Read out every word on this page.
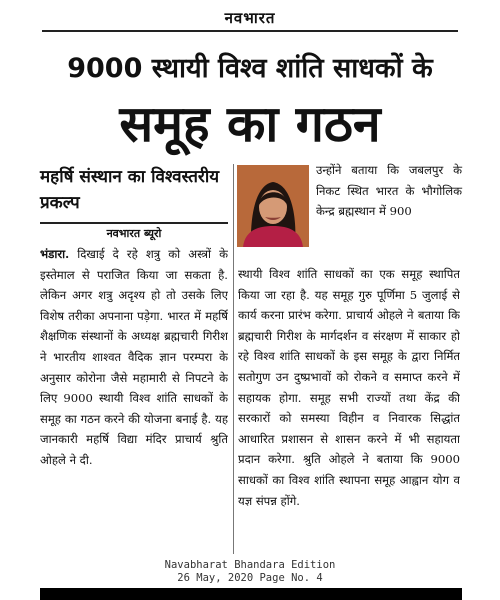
नवभारत
9000 स्थायी विश्व शांति साधकों के
समूह का गठन
महर्षि संस्थान का विश्वस्तरीय प्रकल्प
नवभारत ब्यूरो

भंडारा. दिखाई दे रहे शत्रु को अस्त्रों के इस्तेमाल से पराजित किया जा सकता है. लेकिन अगर शत्रु अदृश्य हो तो उसके लिए विशेष तरीका अपनाना पड़ेगा. भारत में महर्षि शैक्षणिक संस्थानों के अध्यक्ष ब्रह्मचारी गिरीश ने भारतीय शाश्वत वैदिक ज्ञान परम्परा के अनुसार कोरोना जैसे महामारी से निपटने के लिए 9000 स्थायी विश्व शांति साधकों के समूह का गठन करने की योजना बनाई है. यह जानकारी महर्षि विद्या मंदिर प्राचार्य श्रुति ओहले ने दी.

उन्होंने बताया कि जबलपुर के निकट स्थित भारत के भौगोलिक केन्द्र ब्रह्मस्थान में 900

स्थायी विश्व शांति साधकों का एक समूह स्थापित किया जा रहा है. यह समूह गुरु पूर्णिमा 5 जुलाई से कार्य करना प्रारंभ करेगा. प्राचार्य ओहले ने बताया कि ब्रह्मचारी गिरीश के मार्गदर्शन व संरक्षण में साकार हो रहे विश्व शांति साधकों के इस समूह के द्वारा निर्मित सतोगुण उन दुष्प्रभावों को रोकने व समाप्त करने में सहायक होगा. समूह सभी राज्यों तथा केंद्र की सरकारों को समस्या विहीन व निवारक सिद्धांत आधारित प्रशासन से शासन करने में भी सहायता प्रदान करेगा. श्रुति ओहले ने बताया कि 9000 साधकों का विश्व शांति स्थापना समूह आह्वान योग व यज्ञ संपन्न होंगे.

Navabharat Bhandara Edition
26 May, 2020 Page No. 4
